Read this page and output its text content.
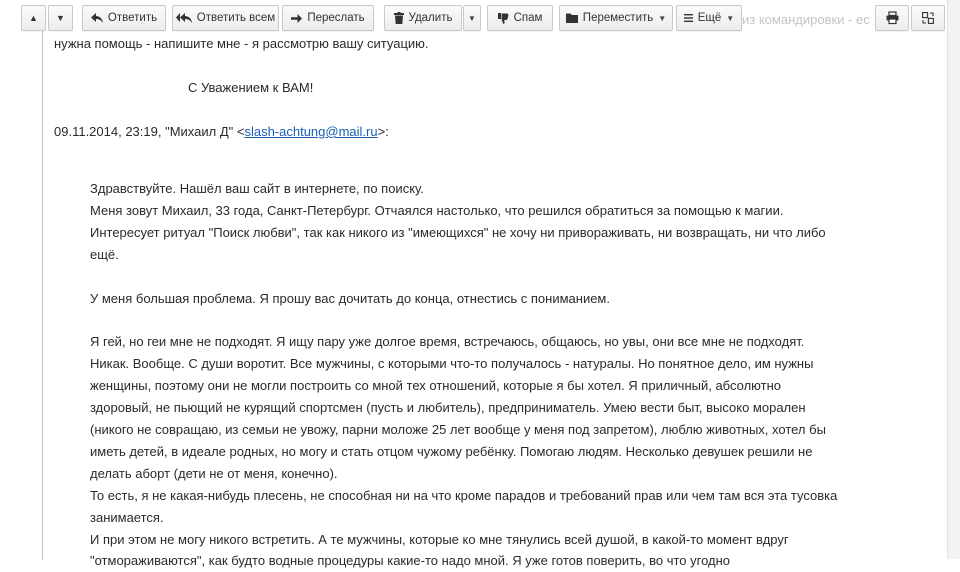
из командировки - ес
▲ ▼	Ответить	Ответить всем	Переслать	Удалить ▼	Спам	Переместить ▼	Ещё ▼
нужна помощь - напишите мне - я рассмотрю вашу ситуацию.
С Уважением к ВАМ!
09.11.2014, 23:19, "Михаил Д" <slash-achtung@mail.ru>:
Здравствуйте. Нашёл ваш сайт в интернете, по поиску.
Меня зовут Михаил, 33 года, Санкт-Петербург. Отчаялся настолько, что решился обратиться за помощью к магии.
Интересует ритуал "Поиск любви", так как никого из "имеющихся" не хочу ни привораживать, ни возвращать, ни что либо
ещё.
У меня большая проблема. Я прошу вас дочитать до конца, отнестись с пониманием.
Я гей, но геи мне не подходят. Я ищу пару уже долгое время, встречаюсь, общаюсь, но увы, они все мне не подходят.
Никак. Вообще. С души воротит. Все мужчины, с которыми что-то получалось - натуралы. Но понятное дело, им нужны
женщины, поэтому они не могли построить со мной тех отношений, которые я бы хотел. Я приличный, абсолютно
здоровый, не пьющий не курящий спортсмен (пусть и любитель), предприниматель. Умею вести быт, высоко морален
(никого не совращаю, из семьи не увожу, парни моложе 25 лет вообще у меня под запретом), люблю животных, хотел бы
иметь детей, в идеале родных, но могу и стать отцом чужому ребёнку. Помогаю людям. Несколько девушек решили не
делать аборт (дети не от меня, конечно).
То есть, я не какая-нибудь плесень, не способная ни на что кроме парадов и требований прав или чем там вся эта тусовка
занимается.
И при этом не могу никого встретить. А те мужчины, которые ко мне тянулись всей душой, в какой-то момент вдруг
"отмораживаются", как будто водные процедуры какие-то надо мной. Я уже готов поверить, во что угодно
